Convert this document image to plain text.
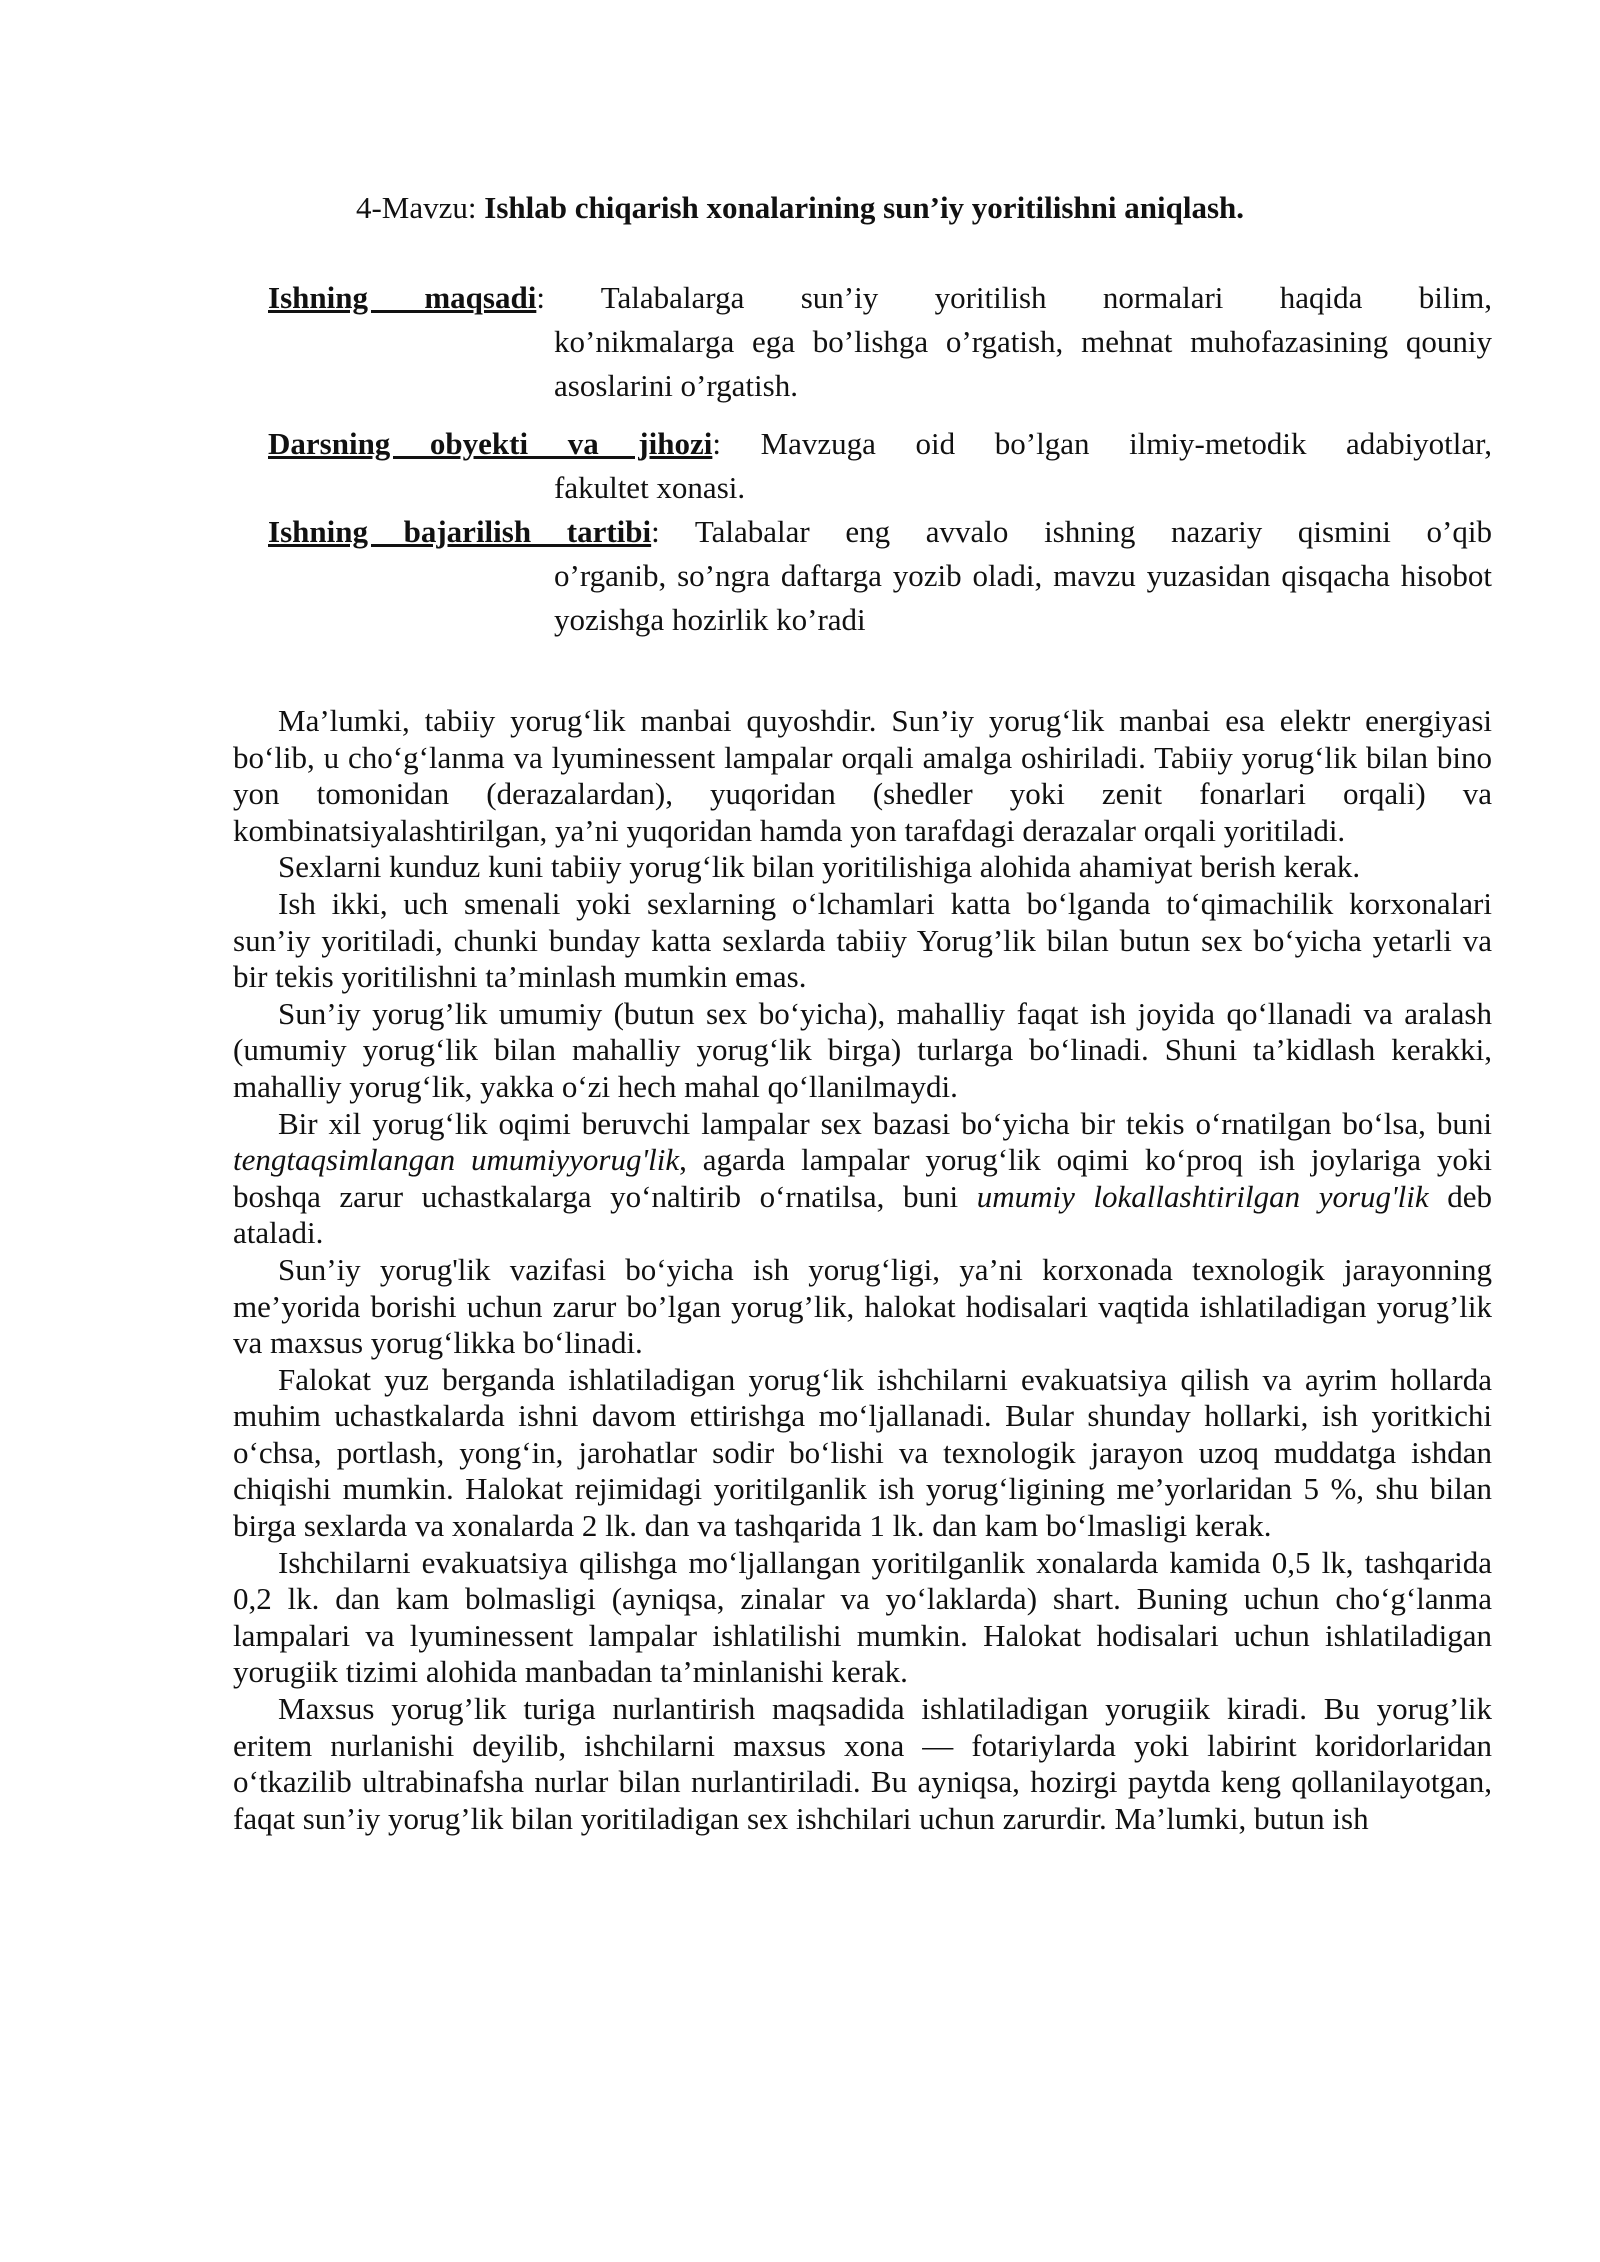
4-Mavzu: Ishlab chiqarish xonalarining sun’iy yoritilishni aniqlash.
Ishning maqsadi: Talabalarga sun’iy yoritilish normalari haqida bilim,
ko’nikmalarga ega bo’lishga o’rgatish, mehnat muhofazasining qouniy asoslarini o’rgatish.
Darsning obyekti va jihozi: Mavzuga oid bo’lgan ilmiy-metodik adabiyotlar,
fakultet xonasi.
Ishning bajarilish tartibi: Talabalar eng avvalo ishning nazariy qismini o’qib
o’rganib, so’ngra daftarga yozib oladi, mavzu yuzasidan qisqacha hisobot yozishga hozirlik ko’radi

Ma’lumki, tabiiy yorug‘lik manbai quyoshdir. Sun’iy yorug‘lik manbai esa elektr energiyasi bo‘lib, u cho‘g‘lanma va lyuminessent lampalar orqali amalga oshiriladi. Tabiiy yorug‘lik bilan bino yon tomonidan (derazalardan), yuqoridan (shedler yoki zenit fonarlari orqali) va kombinatsiyalashtirilgan, ya’ni yuqoridan hamda yon tarafdagi derazalar orqali yoritiladi.

Sexlarni kunduz kuni tabiiy yorug‘lik bilan yoritilishiga alohida ahamiyat berish kerak.

Ish ikki, uch smenali yoki sexlarning o‘lchamlari katta bo‘lganda to‘qimachilik korxonalari sun’iy yoritiladi, chunki bunday katta sexlarda tabiiy Yorug’lik bilan butun sex bo‘yicha yetarli va bir tekis yoritilishni ta’minlash mumkin emas.

Sun’iy yorug’lik umumiy (butun sex bo‘yicha), mahalliy faqat ish joyida qo‘llanadi va aralash (umumiy yorug‘lik bilan mahalliy yorug‘lik birga) turlarga bo‘linadi. Shuni ta’kidlash kerakki, mahalliy yorug‘lik, yakka o‘zi hech mahal qo‘llanilmaydi.

Bir xil yorug‘lik oqimi beruvchi lampalar sex bazasi bo‘yicha bir tekis o‘rnatilgan bo‘lsa, buni tengtaqsimlangan umumiyyorug'lik, agarda lampalar yorug‘lik oqimi ko‘proq ish joylariga yoki boshqa zarur uchastkalarga yo‘naltirib o‘rnatilsa, buni umumiy lokallashtirilgan yorug'lik deb ataladi.

Sun’iy yorug'lik vazifasi bo‘yicha ish yorug‘ligi, ya’ni korxonada texnologik jarayonning me’yorida borishi uchun zarur bo’lgan yorug’lik, halokat hodisalari vaqtida ishlatiladigan yorug’lik va maxsus yorug‘likka bo‘linadi.

Falokat yuz berganda ishlatiladigan yorug‘lik ishchilarni evakuatsiya qilish va ayrim hollarda muhim uchastkalarda ishni davom ettirishga mo‘ljallanadi. Bular shunday hollarki, ish yoritkichi o‘chsa, portlash, yong‘in, jarohatlar sodir bo‘lishi va texnologik jarayon uzoq muddatga ishdan chiqishi mumkin. Halokat rejimidagi yoritilganlik ish yorug‘ligining me’yorlaridan 5 %, shu bilan birga sexlarda va xonalarda 2 lk. dan va tashqarida 1 lk. dan kam bo‘lmasligi kerak.

Ishchilarni evakuatsiya qilishga mo‘ljallangan yoritilganlik xonalarda kamida 0,5 lk, tashqarida 0,2 lk. dan kam bolmasligi (ayniqsa, zinalar va yo‘laklarda) shart. Buning uchun cho‘g‘lanma lampalari va lyuminessent lampalar ishlatilishi mumkin. Halokat hodisalari uchun ishlatiladigan yorugiik tizimi alohida manbadan ta’minlanishi kerak.

Maxsus yorug’lik turiga nurlantirish maqsadida ishlatiladigan yorugiik kiradi. Bu yorug’lik eritem nurlanishi deyilib, ishchilarni maxsus xona — fotariylarda yoki labirint koridorlaridan o‘tkazilib ultrabinafsha nurlar bilan nurlantiriladi. Bu ayniqsa, hozirgi paytda keng qollanilayotgan, faqat sun’iy yorug’lik bilan yoritiladigan sex ishchilari uchun zarurdir. Ma’lumki, butun ish
